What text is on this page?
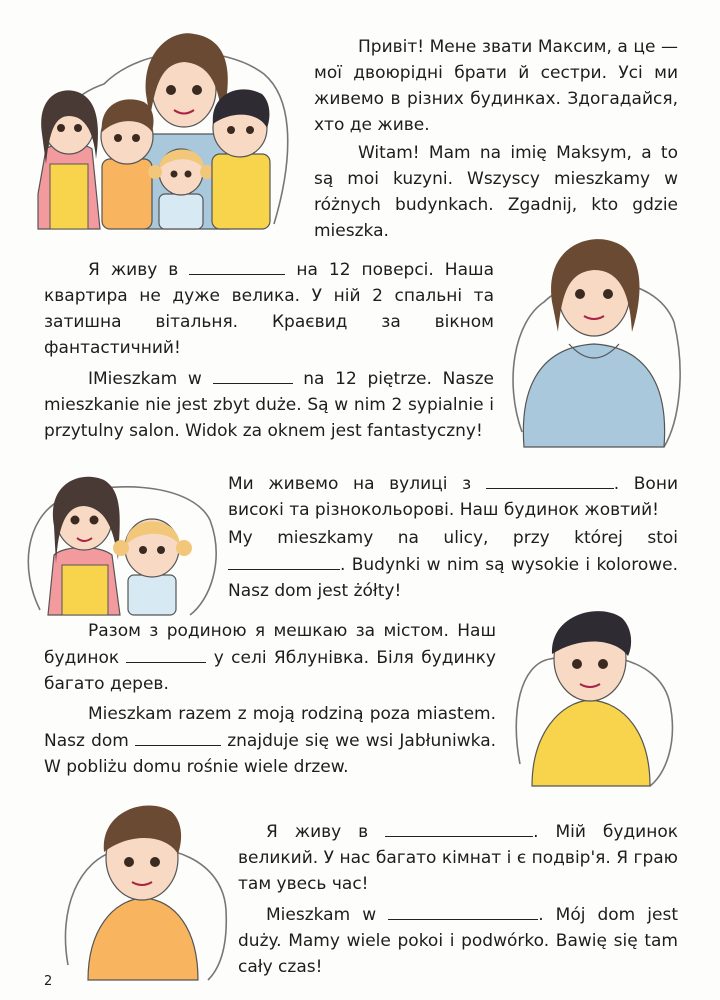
Привіт! Мене звати Максим, а це — мої двоюрідні брати й сестри. Усі ми живемо в різних будинках. Здогадайся, хто де живе.

Witam! Mam na imię Maksym, a to są moi kuzyni. Wszyscy mieszkamy w różnych budynkach. Zgadnij, kto gdzie mieszka.

Я живу в	на 12 поверсі. Наша квартира не дуже велика. У ній 2 спальні та затишна вітальня. Краєвид за вікном фантастичний!

IMieszkam w	na 12 piętrze. Nasze mieszkanie nie jest zbyt duże. Są w nim 2 sypialnie i przytulny salon. Widok za oknem jest fantastyczny!

Ми живемо на вулиці з	. Вони високі та різнокольорові. Наш будинок жовтий!

My mieszkamy na ulicy, przy której stoi . Budynki w nim są wysokie i kolorowe. Nasz dom jest żółty!

Разом з родиною я мешкаю за містом. Наш будинок	у селі Яблунівка. Біля будинку багато дерев.

Mieszkam razem z moją rodziną poza miastem. Nasz dom	znajduje się we wsi Jabłuniwka. W pobliżu domu rośnie wiele drzew.

Я живу в	. Мій будинок великий. У нас багато кімнат і є подвір'я. Я граю там увесь час!

Mieszkam w	. Mój dom jest duży. Mamy wiele pokoi i podwórko. Bawię się tam cały czas!

2
